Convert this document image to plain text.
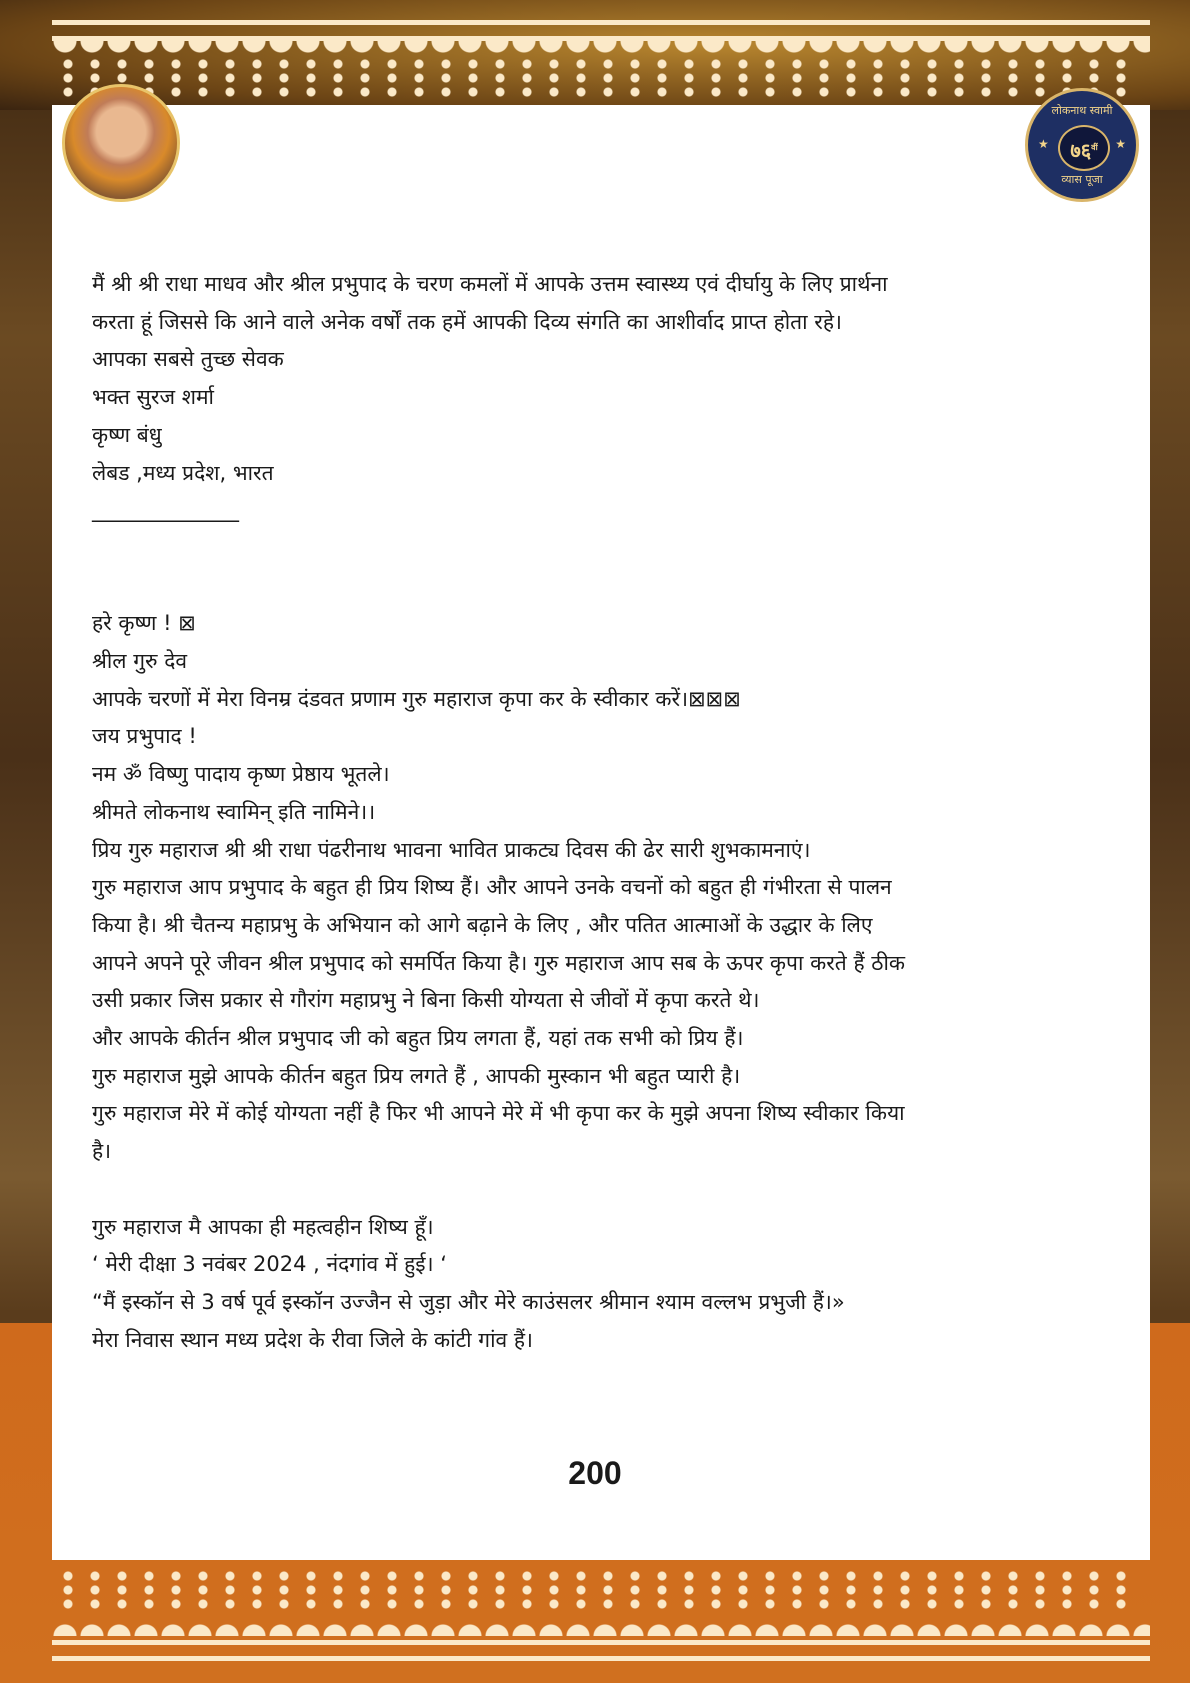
लोकनाथ स्वामी
★	$७६^{वीं}$	★
व्यास पूजा

मैं श्री श्री राधा माधव और श्रील प्रभुपाद के चरण कमलों में आपके उत्तम स्वास्थ्य एवं दीर्घायु के लिए प्रार्थना

करता हूं जिससे कि आने वाले अनेक वर्षों तक हमें आपकी दिव्य संगति का आशीर्वाद प्राप्त होता रहे।

आपका सबसे तुच्छ सेवक

भक्त सुरज शर्मा

कृष्ण बंधु

लेबड ,मध्य प्रदेश, भारत

______________

हरे कृष्ण ! ⊠

श्रील गुरु देव

आपके चरणों में मेरा विनम्र दंडवत प्रणाम गुरु महाराज कृपा कर के स्वीकार करें।⊠⊠⊠

जय प्रभुपाद !

नम ॐ विष्णु पादाय कृष्ण प्रेष्ठाय भूतले।

श्रीमते लोकनाथ स्वामिन् इति नामिने।।

प्रिय गुरु महाराज श्री श्री राधा पंढरीनाथ भावना भावित प्राकट्य दिवस की ढेर सारी शुभकामनाएं।

गुरु महाराज आप प्रभुपाद के बहुत ही प्रिय शिष्य हैं। और आपने उनके वचनों को बहुत ही गंभीरता से पालन

किया है। श्री चैतन्य महाप्रभु के अभियान को आगे बढ़ाने के लिए , और पतित आत्माओं के उद्धार के लिए

आपने अपने पूरे जीवन श्रील प्रभुपाद को समर्पित किया है। गुरु महाराज आप सब के ऊपर कृपा करते हैं ठीक

उसी प्रकार जिस प्रकार से गौरांग महाप्रभु ने बिना किसी योग्यता से जीवों में कृपा करते थे।

और आपके कीर्तन श्रील प्रभुपाद जी को बहुत प्रिय लगता हैं, यहां तक सभी को प्रिय हैं।

गुरु महाराज मुझे आपके कीर्तन बहुत प्रिय लगते हैं , आपकी मुस्कान भी बहुत प्यारी है।

गुरु महाराज मेरे में कोई योग्यता नहीं है फिर भी आपने मेरे में भी कृपा कर के मुझे अपना शिष्य स्वीकार किया

है।

गुरु महाराज मै आपका ही महत्वहीन शिष्य हूँ।

‘ मेरी दीक्षा 3 नवंबर 2024 , नंदगांव में हुई। ‘

“मैं इस्कॉन से 3 वर्ष पूर्व इस्कॉन उज्जैन से जुड़ा और मेरे काउंसलर श्रीमान श्याम वल्लभ प्रभुजी हैं।»

मेरा निवास स्थान मध्य प्रदेश के रीवा जिले के कांटी गांव हैं।

200
